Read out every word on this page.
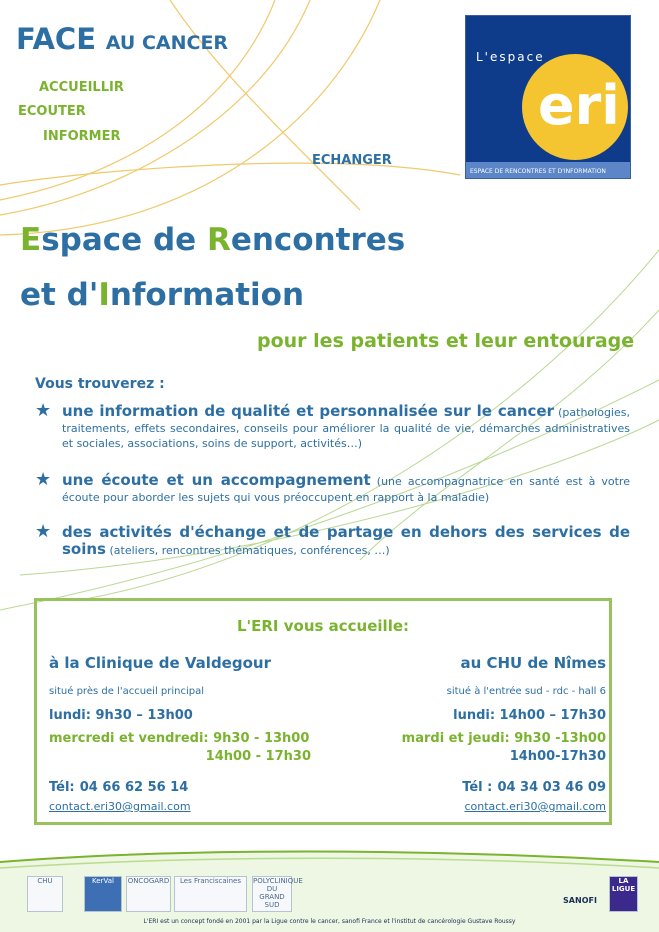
FACE AU CANCER
ACCUEILLIR
ECOUTER
INFORMER
ECHANGER
L'espace
eri
ESPACE DE RENCONTRES ET D'INFORMATION
Espace de Rencontres
et d'Information
pour les patients et leur entourage
Vous trouverez :
★ une information de qualité et personnalisée sur le cancer (pathologies, traitements, effets secondaires, conseils pour améliorer la qualité de vie, démarches administratives et sociales, associations, soins de support, activités…)
★ une écoute et un accompagnement (une accompagnatrice en santé est à votre écoute pour aborder les sujets qui vous préoccupent en rapport à la maladie)
★ des activités d'échange et de partage en dehors des services de soins (ateliers, rencontres thématiques, conférences, …)
L'ERI vous accueille:
à la Clinique de Valdegour
situé près de l'accueil principal
lundi: 9h30 – 13h00
mercredi et vendredi: 9h30 - 13h00
14h00 - 17h30
Tél: 04 66 62 56 14
contact.eri30@gmail.com
au CHU de Nîmes
situé à l'entrée sud - rdc - hall 6
lundi: 14h00 – 17h30
mardi et jeudi: 9h30 -13h00
14h00-17h30
Tél : 04 34 03 46 09
contact.eri30@gmail.com
CHU	KerVal	ONCOGARD	Les Franciscaines	POLYCLINIQUE DU GRAND SUD	SANOFI
LA LIGUE
L'ERI est un concept fondé en 2001 par la Ligue contre le cancer, sanofi France et l'institut de cancérologie Gustave Roussy
